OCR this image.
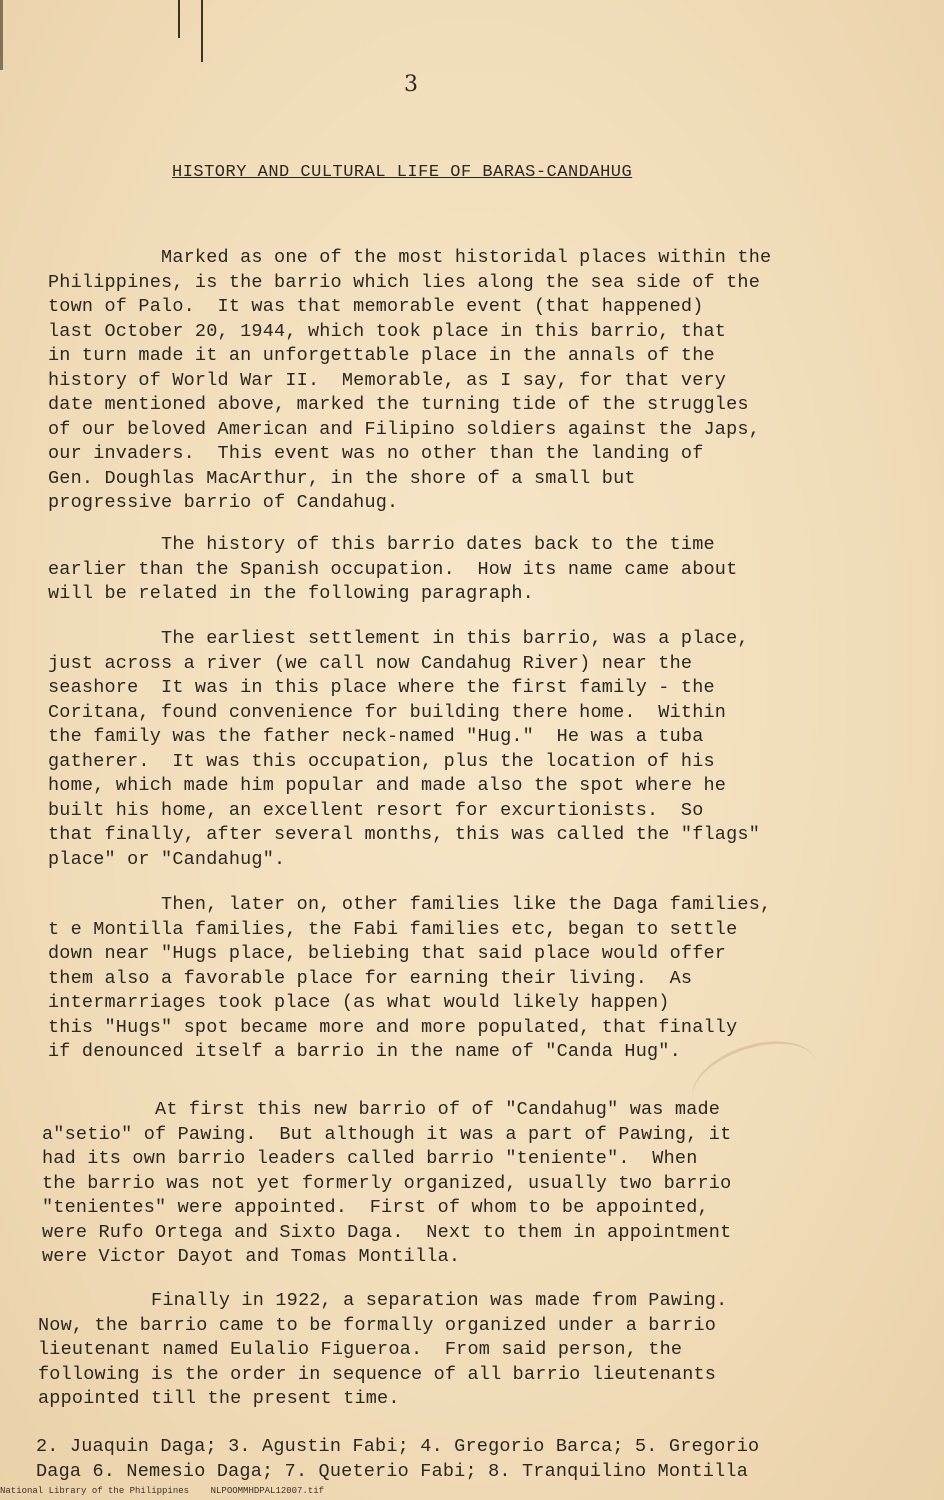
3
HISTORY AND CULTURAL LIFE OF BARAS-CANDAHUG
Marked as one of the most historidal places within the
Philippines, is the barrio which lies along the sea side of the
town of Palo.  It was that memorable event (that happened)
last October 20, 1944, which took place in this barrio, that
in turn made it an unforgettable place in the annals of the
history of World War II.  Memorable, as I say, for that very
date mentioned above, marked the turning tide of the struggles
of our beloved American and Filipino soldiers against the Japs,
our invaders.  This event was no other than the landing of
Gen. Doughlas MacArthur, in the shore of a small but
progressive barrio of Candahug.
The history of this barrio dates back to the time
earlier than the Spanish occupation.  How its name came about
will be related in the following paragraph.
The earliest settlement in this barrio, was a place,
just across a river (we call now Candahug River) near the
seashore  It was in this place where the first family - the
Coritana, found convenience for building there home.  Within
the family was the father neck-named "Hug."  He was a tuba
gatherer.  It was this occupation, plus the location of his
home, which made him popular and made also the spot where he
built his home, an excellent resort for excurtionists.  So
that finally, after several months, this was called the "flags"
place" or "Candahug".
Then, later on, other families like the Daga families,
t e Montilla families, the Fabi families etc, began to settle
down near "Hugs place, beliebing that said place would offer
them also a favorable place for earning their living.  As
intermarriages took place (as what would likely happen)
this "Hugs" spot became more and more populated, that finally
if denounced itself a barrio in the name of "Canda Hug".
At first this new barrio of of "Candahug" was made
a"setio" of Pawing.  But although it was a part of Pawing, it
had its own barrio leaders called barrio "teniente".  When
the barrio was not yet formerly organized, usually two barrio
"tenientes" were appointed.  First of whom to be appointed,
were Rufo Ortega and Sixto Daga.  Next to them in appointment
were Victor Dayot and Tomas Montilla.
Finally in 1922, a separation was made from Pawing.
Now, the barrio came to be formally organized under a barrio
lieutenant named Eulalio Figueroa.  From said person, the
following is the order in sequence of all barrio lieutenants
appointed till the present time.
2. Juaquin Daga; 3. Agustin Fabi; 4. Gregorio Barca; 5. Gregorio
Daga 6. Nemesio Daga; 7. Queterio Fabi; 8. Tranquilino Montilla
National Library of the Philippines    NLPOOMMHDPAL12007.tif
